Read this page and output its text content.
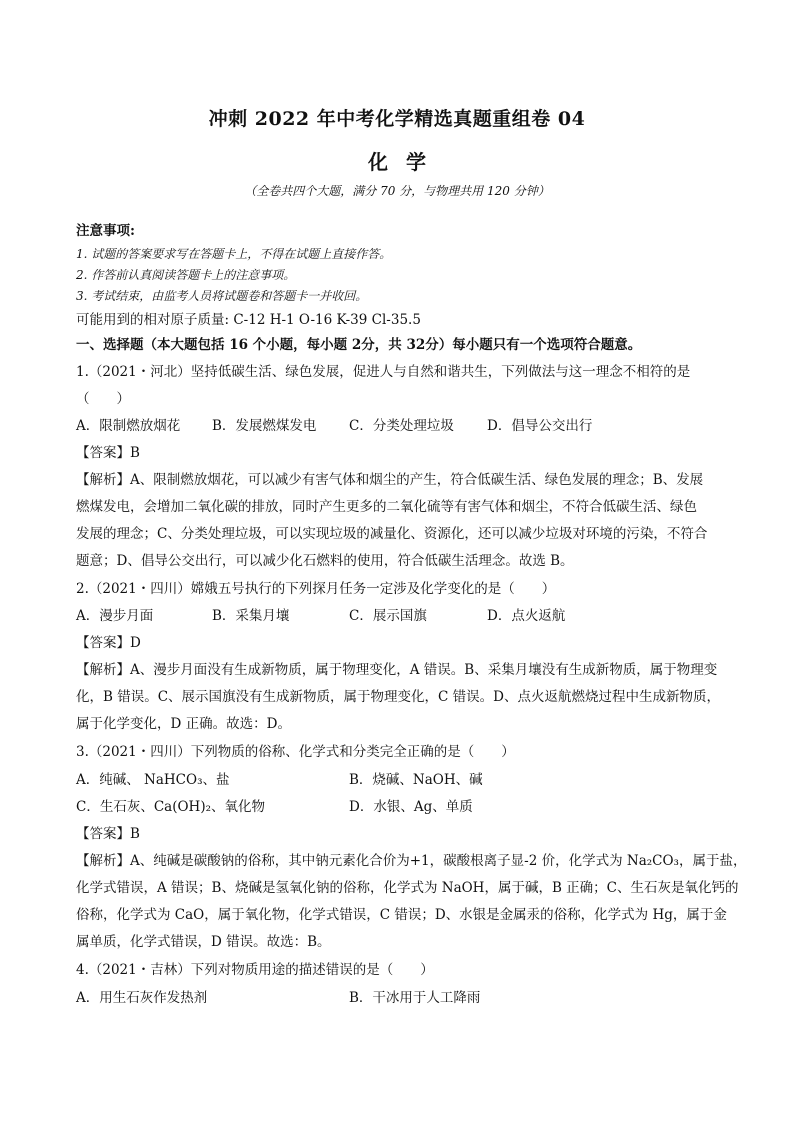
冲刺 2022 年中考化学精选真题重组卷 04
化学
（全卷共四个大题，满分 70 分，与物理共用 120 分钟）
注意事项:
1. 试题的答案要求写在答题卡上，不得在试题上直接作答。
2. 作答前认真阅读答题卡上的注意事项。
3. 考试结束，由监考人员将试题卷和答题卡一并收回。
可能用到的相对原子质量: C-12 H-1 O-16 K-39 Cl-35.5
一、选择题（本大题包括 16 个小题，每小题 2分，共 32分）每小题只有一个选项符合题意。
1.（2021・河北）坚持低碳生活、绿色发展，促进人与自然和谐共生，下列做法与这一理念不相符的是
（　　）
A．限制燃放烟花 B．发展燃煤发电 C．分类处理垃圾 D．倡导公交出行
【答案】B
【解析】A、限制燃放烟花，可以减少有害气体和烟尘的产生，符合低碳生活、绿色发展的理念；B、发展
燃煤发电，会增加二氧化碳的排放，同时产生更多的二氧化硫等有害气体和烟尘，不符合低碳生活、绿色
发展的理念；C、分类处理垃圾，可以实现垃圾的减量化、资源化，还可以减少垃圾对环境的污染，不符合
题意；D、倡导公交出行，可以减少化石燃料的使用，符合低碳生活理念。故选 B。
2.（2021・四川）嫦娥五号执行的下列探月任务一定涉及化学变化的是（　　）
A．漫步月面	B．采集月壤	C．展示国旗	D．点火返航
【答案】D
【解析】A、漫步月面没有生成新物质，属于物理变化，A 错误。B、采集月壤没有生成新物质，属于物理变
化，B 错误。C、展示国旗没有生成新物质，属于物理变化，C 错误。D、点火返航燃烧过程中生成新物质，
属于化学变化，D 正确。故选：D。
3.（2021・四川）下列物质的俗称、化学式和分类完全正确的是（　　）
A．纯碱、 NaHCO₃、盐	B．烧碱、NaOH、碱
C．生石灰、Ca(OH)₂、氧化物	D．水银、Ag、单质
【答案】B
【解析】A、纯碱是碳酸钠的俗称，其中钠元素化合价为+1，碳酸根离子显-2 价，化学式为 Na₂CO₃，属于盐，
化学式错误，A 错误；B、烧碱是氢氧化钠的俗称，化学式为 NaOH，属于碱，B 正确；C、生石灰是氧化钙的
俗称，化学式为 CaO，属于氧化物，化学式错误，C 错误；D、水银是金属汞的俗称，化学式为 Hg，属于金
属单质，化学式错误，D 错误。故选：B。
4.（2021・吉林）下列对物质用途的描述错误的是（　　）
A．用生石灰作发热剂	B．干冰用于人工降雨
